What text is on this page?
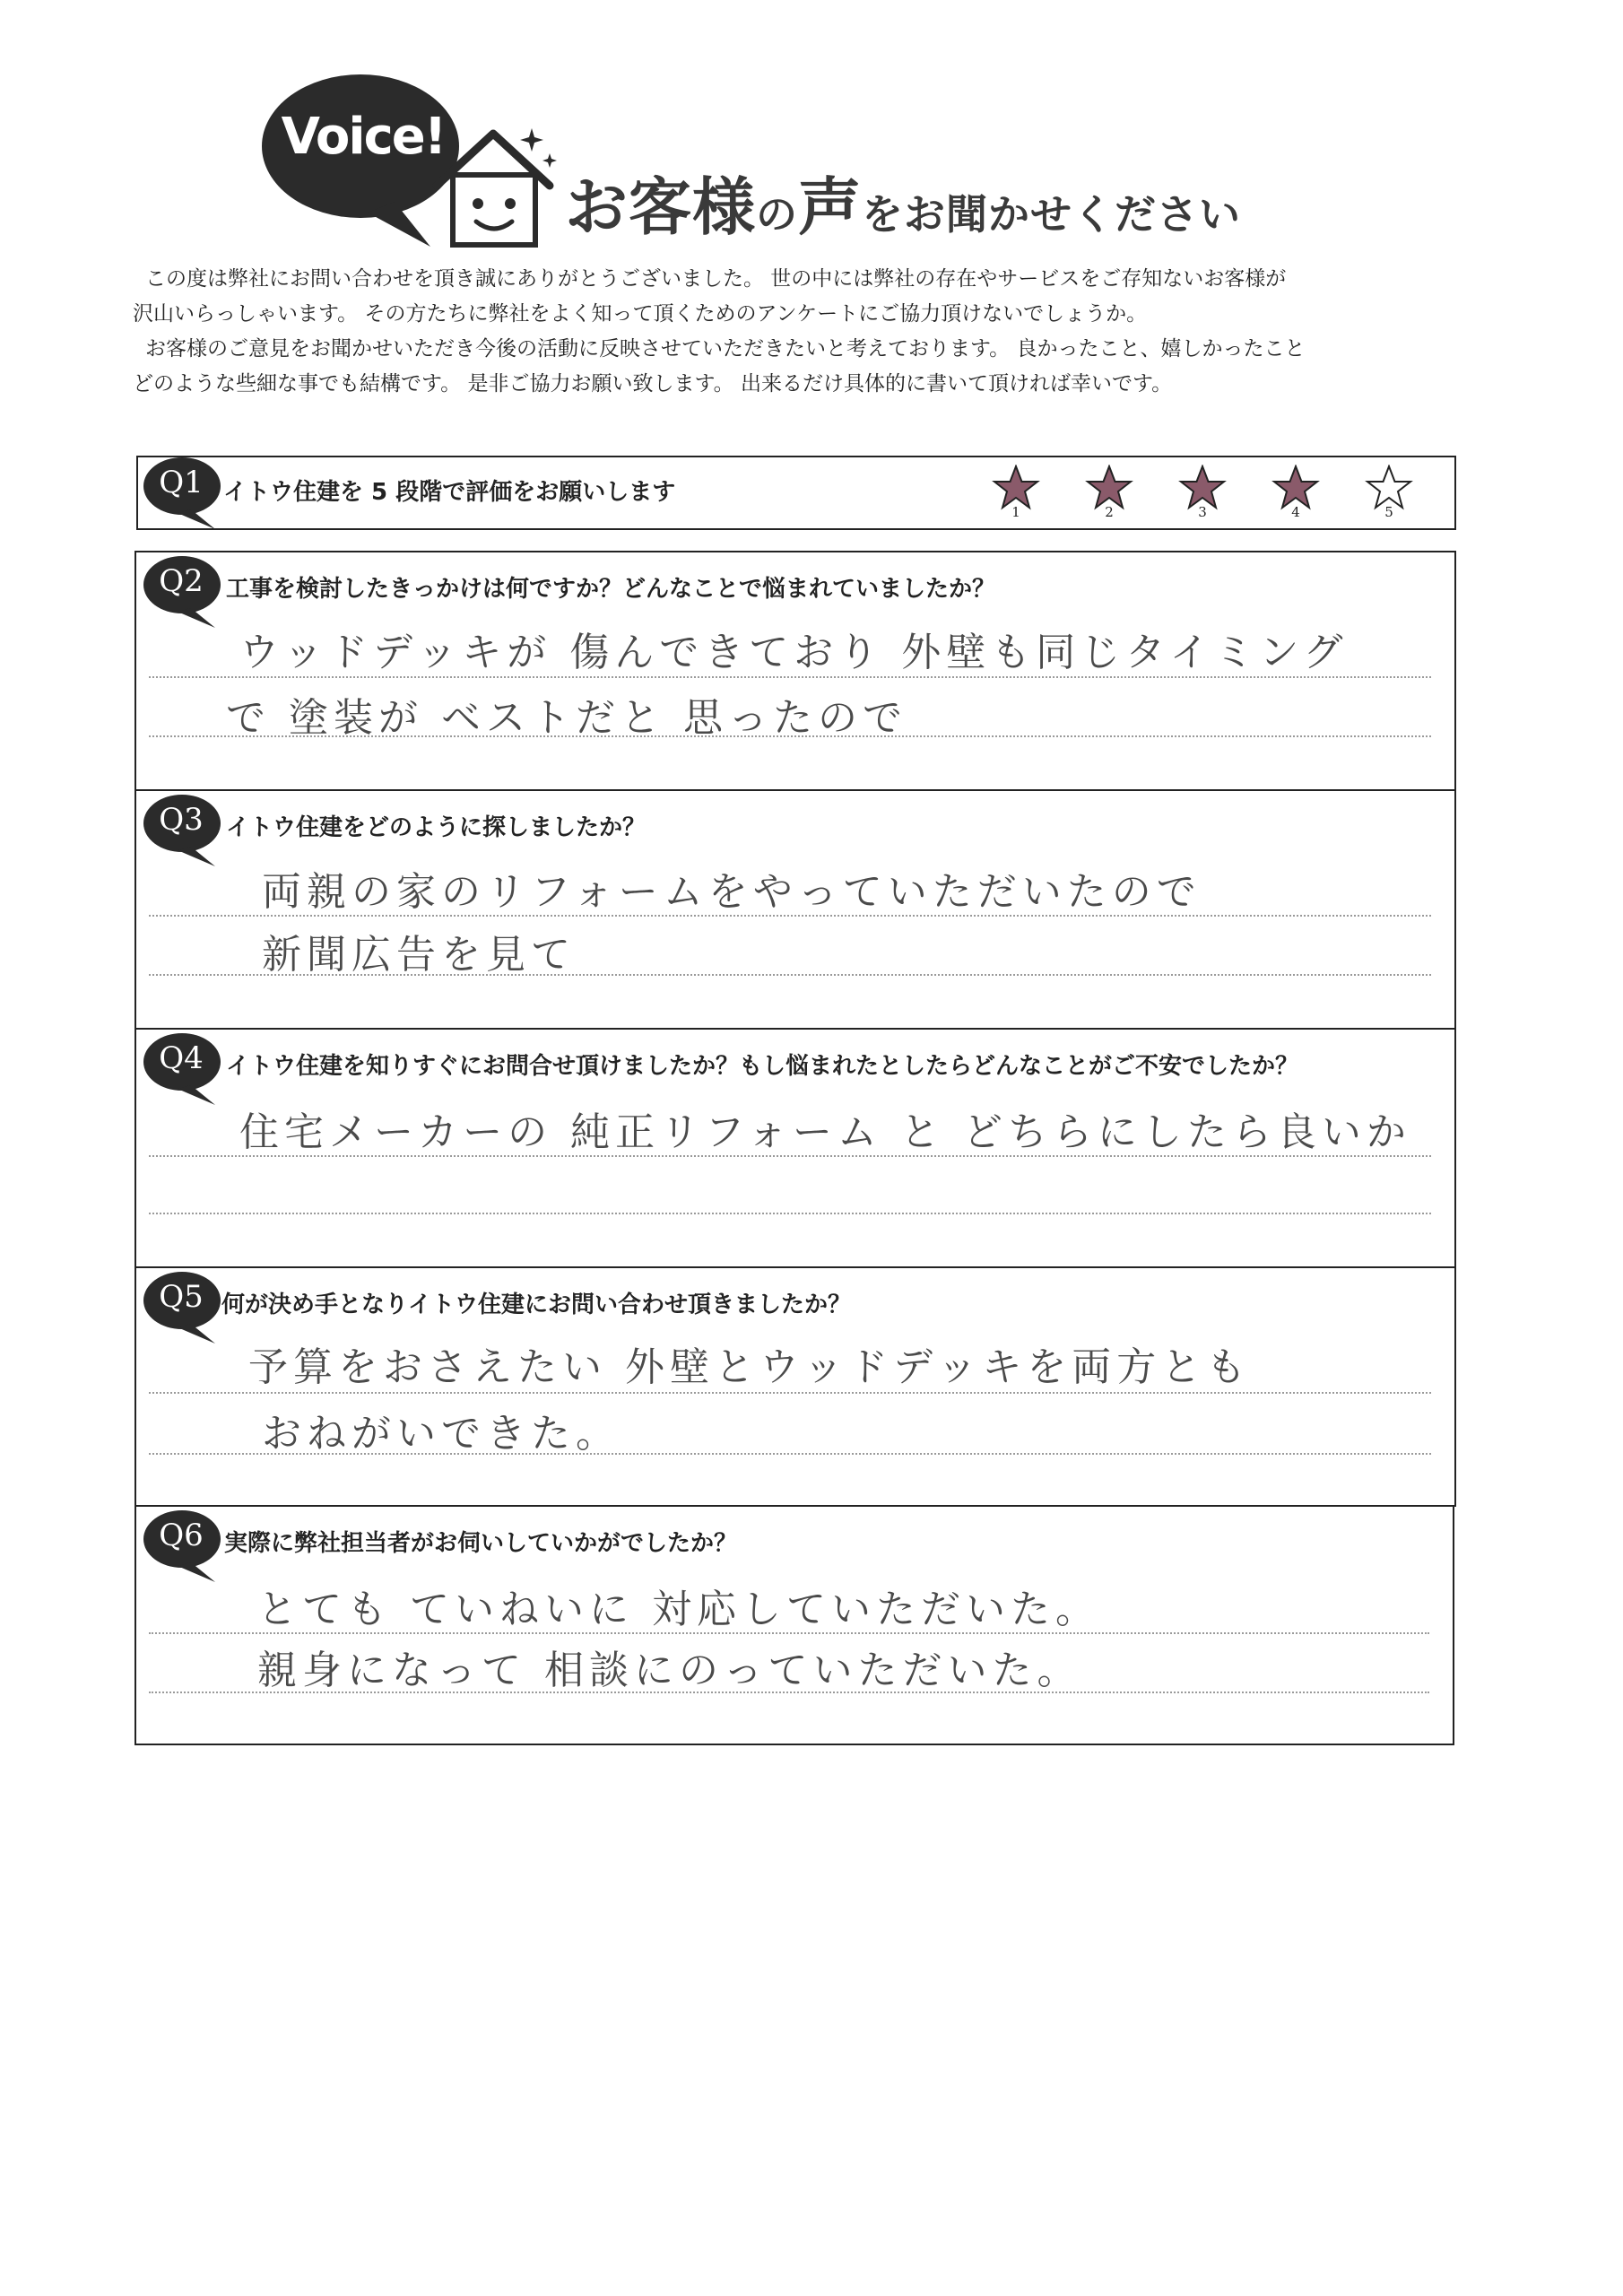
Voice!
お客様の声をお聞かせください

この度は弊社にお問い合わせを頂き誠にありがとうございました。 世の中には弊社の存在やサービスをご存知ないお客様が

沢山いらっしゃいます。 その方たちに弊社をよく知って頂くためのアンケートにご協力頂けないでしょうか。

お客様のご意見をお聞かせいただき今後の活動に反映させていただきたいと考えております。 良かったこと、嬉しかったこと

どのような些細な事でも結構です。 是非ご協力お願い致します。 出来るだけ具体的に書いて頂ければ幸いです。

Q1 イトウ住建を 5 段階で評価をお願いします
1	2	3	4	5
Q2 工事を検討したきっかけは何ですか？どんなことで悩まれていましたか？
ウッドデッキが 傷んできており 外壁も同じタイミング
で 塗装が ベストだと 思ったので
Q3 イトウ住建をどのように探しましたか？
両親の家のリフォームをやっていただいたので
新聞広告を見て
Q4 イトウ住建を知りすぐにお問合せ頂けましたか？もし悩まれたとしたらどんなことがご不安でしたか？
住宅メーカーの 純正リフォーム と どちらにしたら良いか
Q5 何が決め手となりイトウ住建にお問い合わせ頂きましたか？
予算をおさえたい 外壁とウッドデッキを両方とも
おねがいできた。
Q6 実際に弊社担当者がお伺いしていかがでしたか？
とても ていねいに 対応していただいた。
親身になって 相談にのっていただいた。
